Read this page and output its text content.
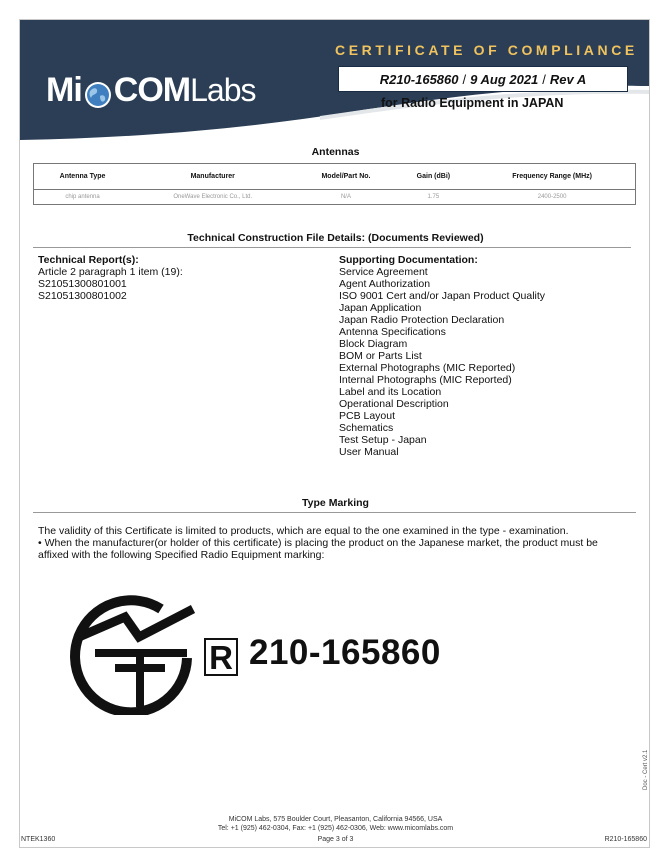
Mi COM Labs
CERTIFICATE OF COMPLIANCE
R210-165860 / 9 Aug 2021 / Rev A
for Radio Equipment in JAPAN
Antennas
Antenna Type	Manufacturer	Model/Part No.	Gain (dBi)	Frequency Range (MHz)
chip antenna	OneWave Electronic Co., Ltd.	N/A	1.75	2400-2500
Technical Construction File Details: (Documents Reviewed)
Technical Report(s):
Article 2 paragraph 1 item (19):
S21051300801001
S21051300801002
Supporting Documentation:
Service Agreement
Agent Authorization
ISO 9001 Cert and/or Japan Product Quality
Japan Application
Japan Radio Protection Declaration
Antenna Specifications
Block Diagram
BOM or Parts List
External Photographs (MIC Reported)
Internal Photographs (MIC Reported)
Label and its Location
Operational Description
PCB Layout
Schematics
Test Setup - Japan
User Manual
Type Marking
The validity of this Certificate is limited to products, which are equal to the one examined in the type - examination.
• When the manufacturer(or holder of this certificate) is placing the product on the Japanese market, the product must be
affixed with the following Specified Radio Equipment marking:
R 210-165860
MiCOM Labs, 575 Boulder Court, Pleasanton, California 94566, USA
Tel: +1 (925) 462-0304, Fax: +1 (925) 462-0306, Web: www.micomlabs.com
Page 3 of 3
NTEK1360	R210-165860
Doc - Cert v2.1
